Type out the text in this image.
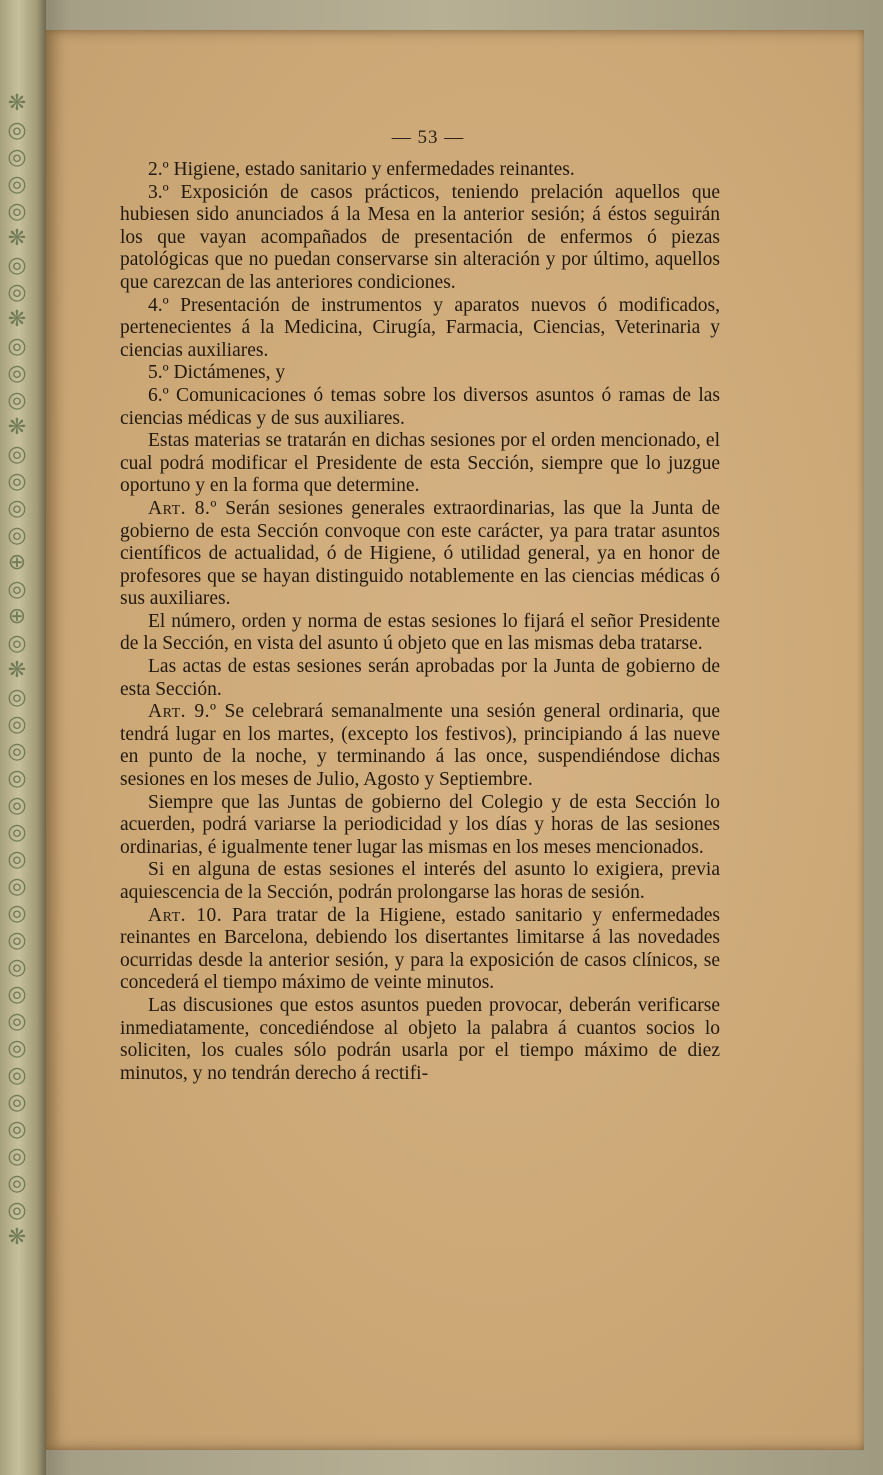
❋
◎
◎
◎
◎
❋
◎
◎
❋
◎
◎
◎
❋
◎
◎
◎
◎
⊕
◎
⊕
◎
❋
◎
◎
◎
◎
◎
◎
◎
◎
◎
◎
◎
◎
◎
◎
◎
◎
◎
◎
◎
◎
❋
— 53 —

2.º Higiene, estado sanitario y enfermedades reinantes.

3.º Exposición de casos prácticos, teniendo prelación aquellos que hubiesen sido anunciados á la Mesa en la anterior sesión; á éstos seguirán los que vayan acompañados de presentación de enfermos ó piezas patológicas que no puedan conservarse sin alteración y por último, aquellos que carezcan de las anteriores condiciones.

4.º Presentación de instrumentos y aparatos nuevos ó modificados, pertenecientes á la Medicina, Cirugía, Farmacia, Ciencias, Veterinaria y ciencias auxiliares.

5.º Dictámenes, y

6.º Comunicaciones ó temas sobre los diversos asuntos ó ramas de las ciencias médicas y de sus auxiliares.

Estas materias se tratarán en dichas sesiones por el orden mencionado, el cual podrá modificar el Presidente de esta Sección, siempre que lo juzgue oportuno y en la forma que determine.

Art. 8.º Serán sesiones generales extraordinarias, las que la Junta de gobierno de esta Sección convoque con este carácter, ya para tratar asuntos científicos de actualidad, ó de Higiene, ó utilidad general, ya en honor de profesores que se hayan distinguido notablemente en las ciencias médicas ó sus auxiliares.

El número, orden y norma de estas sesiones lo fijará el señor Presidente de la Sección, en vista del asunto ú objeto que en las mismas deba tratarse.

Las actas de estas sesiones serán aprobadas por la Junta de gobierno de esta Sección.

Art. 9.º Se celebrará semanalmente una sesión general ordinaria, que tendrá lugar en los martes, (excepto los festivos), principiando á las nueve en punto de la noche, y terminando á las once, suspendiéndose dichas sesiones en los meses de Julio, Agosto y Septiembre.

Siempre que las Juntas de gobierno del Colegio y de esta Sección lo acuerden, podrá variarse la periodicidad y los días y horas de las sesiones ordinarias, é igualmente tener lugar las mismas en los meses mencionados.

Si en alguna de estas sesiones el interés del asunto lo exigiera, previa aquiescencia de la Sección, podrán prolongarse las horas de sesión.

Art. 10. Para tratar de la Higiene, estado sanitario y enfermedades reinantes en Barcelona, debiendo los disertantes limitarse á las novedades ocurridas desde la anterior sesión, y para la exposición de casos clínicos, se concederá el tiempo máximo de veinte minutos.

Las discusiones que estos asuntos pueden provocar, deberán verificarse inmediatamente, concediéndose al objeto la palabra á cuantos socios lo soliciten, los cuales sólo podrán usarla por el tiempo máximo de diez minutos, y no tendrán derecho á rectifi-
